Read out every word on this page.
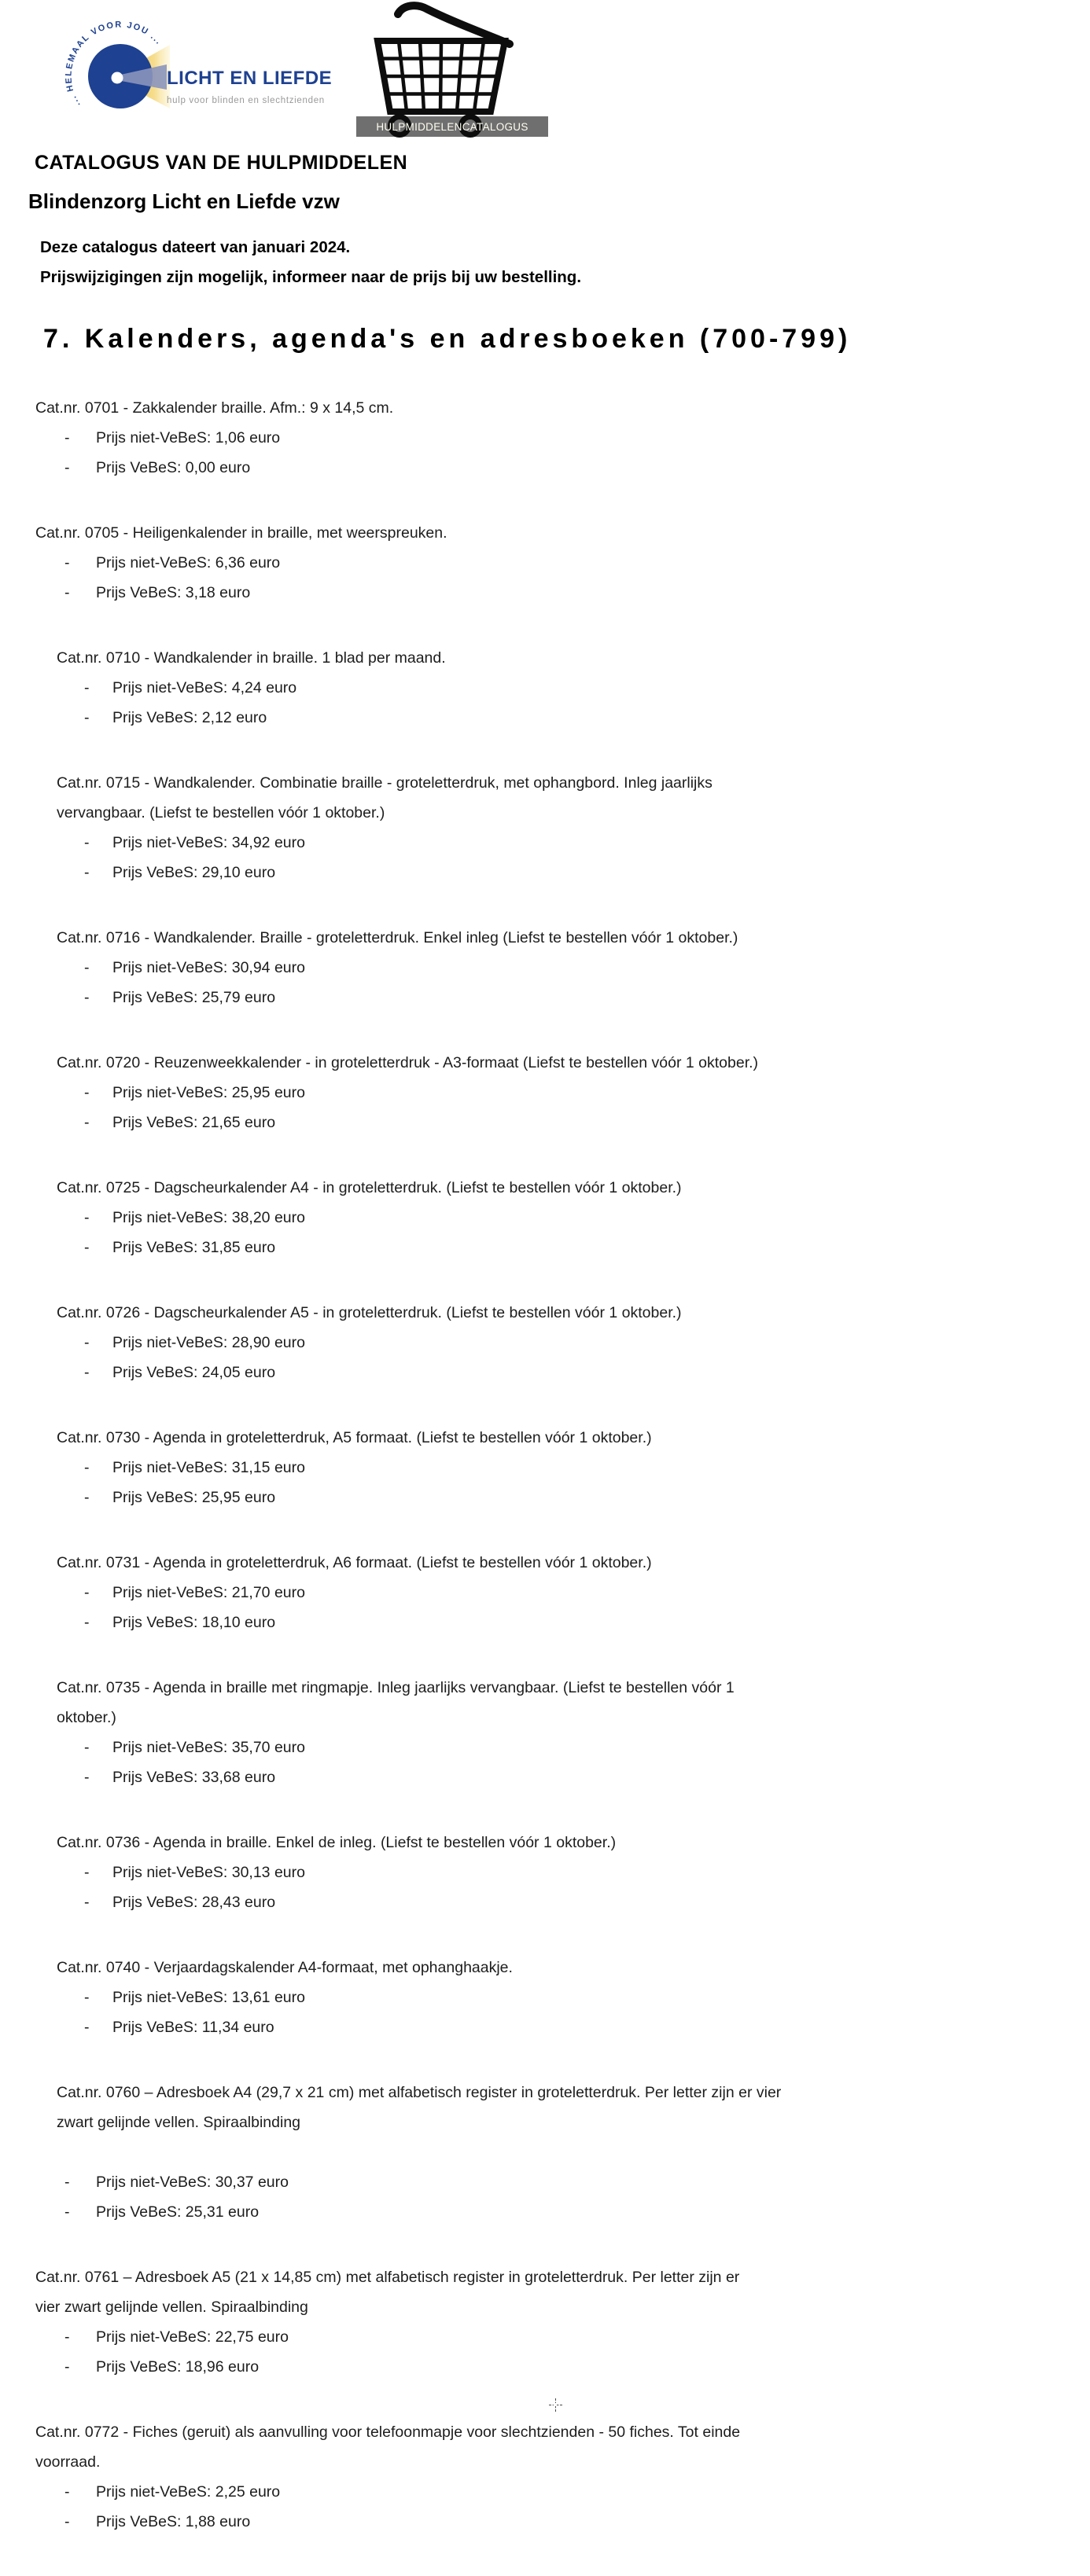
... HELEMAAL VOOR JOU ...
LICHT EN LIEFDE
hulp voor blinden en slechtzienden
HULPMIDDELENCATALOGUS
CATALOGUS VAN DE HULPMIDDELEN
Blindenzorg Licht en Liefde vzw
Deze catalogus dateert van januari 2024.
Prijswijzigingen zijn mogelijk, informeer naar de prijs bij uw bestelling.
7. Kalenders, agenda's en adresboeken (700-799)
Cat.nr. 0701 - Zakkalender braille. Afm.: 9 x 14,5 cm.
-	Prijs niet-VeBeS: 1,06 euro
-	Prijs VeBeS: 0,00 euro
Cat.nr. 0705 - Heiligenkalender in braille, met weerspreuken.
-	Prijs niet-VeBeS: 6,36 euro
-	Prijs VeBeS: 3,18 euro
Cat.nr. 0710 - Wandkalender in braille. 1 blad per maand.
-	Prijs niet-VeBeS: 4,24 euro
-	Prijs VeBeS: 2,12 euro
Cat.nr. 0715 - Wandkalender. Combinatie braille - groteletterdruk, met ophangbord. Inleg jaarlijks
vervangbaar. (Liefst te bestellen vóór 1 oktober.)
-	Prijs niet-VeBeS: 34,92 euro
-	Prijs VeBeS: 29,10 euro
Cat.nr. 0716 - Wandkalender. Braille - groteletterdruk. Enkel inleg (Liefst te bestellen vóór 1 oktober.)
-	Prijs niet-VeBeS: 30,94 euro
-	Prijs VeBeS: 25,79 euro
Cat.nr. 0720 - Reuzenweekkalender - in groteletterdruk - A3-formaat (Liefst te bestellen vóór 1 oktober.)
-	Prijs niet-VeBeS: 25,95 euro
-	Prijs VeBeS: 21,65 euro
Cat.nr. 0725 - Dagscheurkalender A4 - in groteletterdruk. (Liefst te bestellen vóór 1 oktober.)
-	Prijs niet-VeBeS: 38,20 euro
-	Prijs VeBeS: 31,85 euro
Cat.nr. 0726 - Dagscheurkalender A5 - in groteletterdruk. (Liefst te bestellen vóór 1 oktober.)
-	Prijs niet-VeBeS: 28,90 euro
-	Prijs VeBeS: 24,05 euro
Cat.nr. 0730 - Agenda in groteletterdruk, A5 formaat. (Liefst te bestellen vóór 1 oktober.)
-	Prijs niet-VeBeS: 31,15 euro
-	Prijs VeBeS: 25,95 euro
Cat.nr. 0731 - Agenda in groteletterdruk, A6 formaat. (Liefst te bestellen vóór 1 oktober.)
-	Prijs niet-VeBeS: 21,70 euro
-	Prijs VeBeS: 18,10 euro
Cat.nr. 0735 - Agenda in braille met ringmapje. Inleg jaarlijks vervangbaar. (Liefst te bestellen vóór 1
oktober.)
-	Prijs niet-VeBeS: 35,70 euro
-	Prijs VeBeS: 33,68 euro
Cat.nr. 0736 - Agenda in braille. Enkel de inleg. (Liefst te bestellen vóór 1 oktober.)
-	Prijs niet-VeBeS: 30,13 euro
-	Prijs VeBeS: 28,43 euro
Cat.nr. 0740 - Verjaardagskalender A4-formaat, met ophanghaakje.
-	Prijs niet-VeBeS: 13,61 euro
-	Prijs VeBeS: 11,34 euro
Cat.nr. 0760 – Adresboek A4 (29,7 x 21 cm) met alfabetisch register in groteletterdruk. Per letter zijn er vier
zwart gelijnde vellen. Spiraalbinding
-	Prijs niet-VeBeS: 30,37 euro
-	Prijs VeBeS: 25,31 euro
Cat.nr. 0761 – Adresboek A5 (21 x 14,85 cm) met alfabetisch register in groteletterdruk. Per letter zijn er
vier zwart gelijnde vellen. Spiraalbinding
-	Prijs niet-VeBeS: 22,75 euro
-	Prijs VeBeS: 18,96 euro
Cat.nr. 0772 - Fiches (geruit) als aanvulling voor telefoonmapje voor slechtzienden - 50 fiches. Tot einde
voorraad.
-	Prijs niet-VeBeS: 2,25 euro
-	Prijs VeBeS: 1,88 euro
